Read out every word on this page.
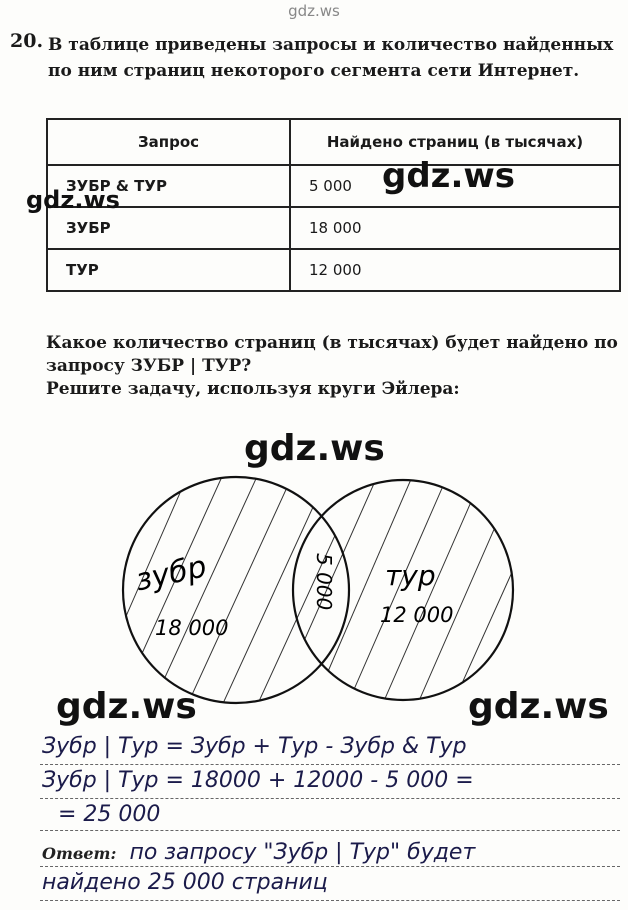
gdz.ws
20. В таблице приведены запросы и количество найденных по ним страниц некоторого сегмента сети Интернет.
Запрос	Найдено страниц (в тысячах)
ЗУБР & ТУР	5 000
ЗУБР	18 000
ТУР	12 000
gdz.ws
gdz.ws
Какое количество страниц (в тысячах) будет найдено по запросу ЗУБР | ТУР?
Решите задачу, используя круги Эйлера:
gdz.ws
зубр
18 000
5 000 тур
12 000
gdz.ws	gdz.ws
Зубр | Тур = Зубр + Тур - Зубр & Тур
Зубр | Тур = 18000 + 12000 - 5 000 =
= 25 000
Ответ: по запросу "Зубр | Тур" будет
найдено 25 000 страниц
